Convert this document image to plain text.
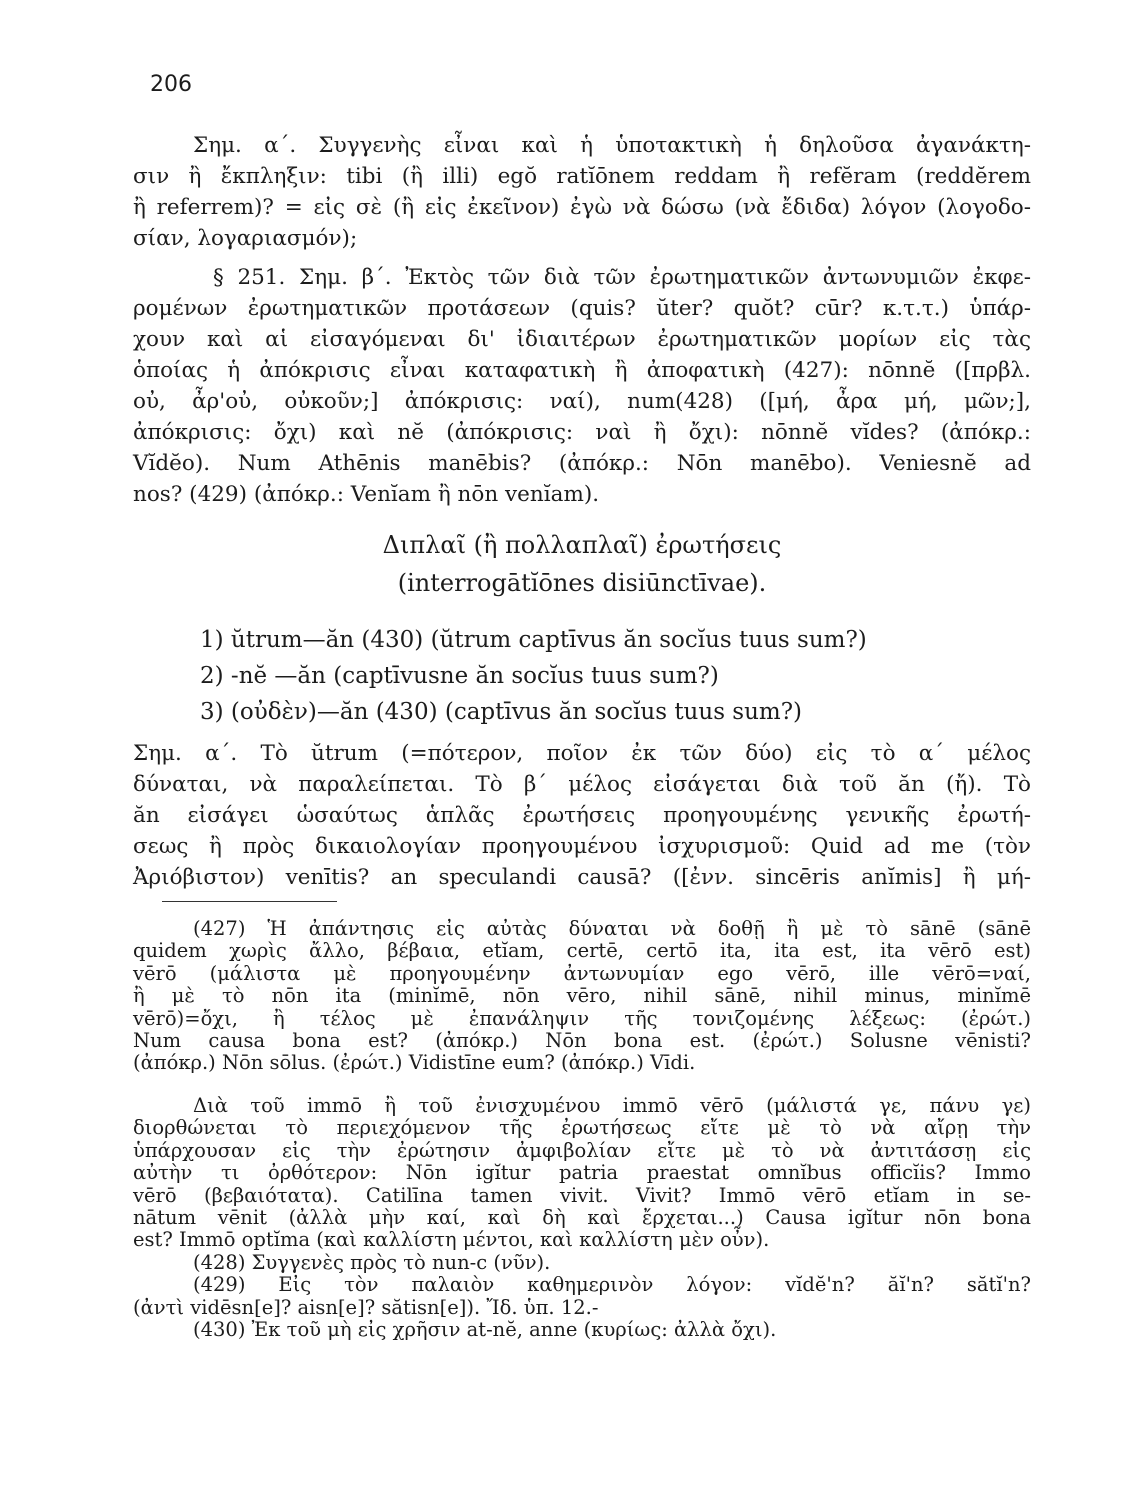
206
Σημ. α΄. Συγγενὴς εἶναι καὶ ἡ ὑποτακτικὴ ἡ δηλοῦσα ἀγανάκτη-
σιν ἢ ἔκπληξιν: tibi (ἢ illi) egŏ ratĭōnem reddam ἢ refĕram (reddĕrem
ἢ referrem)? = εἰς σὲ (ἢ εἰς ἐκεῖνον) ἐγὼ νὰ δώσω (νὰ ἔδιδα) λόγον (λογοδο-
σίαν, λογαριασμόν);
§ 251. Σημ. β΄. Ἐκτὸς τῶν διὰ τῶν ἐρωτηματικῶν ἀντωνυμιῶν ἐκφε-
ρομένων ἐρωτηματικῶν προτάσεων (quis? ŭter? quŏt? cūr? κ.τ.τ.) ὑπάρ-
χουν καὶ αἱ εἰσαγόμεναι δι' ἰδιαιτέρων ἐρωτηματικῶν μορίων εἰς τὰς
ὁποίας ἡ ἀπόκρισις εἶναι καταφατικὴ ἢ ἀποφατικὴ (427): nōnnĕ ([πρβλ.
οὐ, ἆρ'οὐ, οὐκοῦν;] ἀπόκρισις: ναί), num(428) ([μή, ἆρα μή, μῶν;],
ἀπόκρισις: ὄχι) καὶ nĕ (ἀπόκρισις: ναὶ ἢ ὄχι): nōnnĕ vĭdes? (ἀπόκρ.:
Vĭdĕo). Num Athēnis manēbis? (ἀπόκρ.: Nōn manēbo). Veniesnĕ ad
nos? (429) (ἀπόκρ.: Venĭam ἢ nōn venĭam).
Διπλαῖ (ἢ πολλαπλαῖ) ἐρωτήσεις
(interrogātĭōnes disiūnctīvae).
1) ŭtrum—ăn (430) (ŭtrum captīvus ăn socĭus tuus sum?)
2) -nĕ —ăn (captīvusne ăn socĭus tuus sum?)
3) (οὐδὲν)—ăn (430) (captīvus ăn socĭus tuus sum?)
Σημ. α΄. Τὸ ŭtrum (=πότερον, ποῖον ἐκ τῶν δύο) εἰς τὸ α΄ μέλος
δύναται, νὰ παραλείπεται. Τὸ β΄ μέλος εἰσάγεται διὰ τοῦ ăn (ἤ). Τὸ
ăn εἰσάγει ὡσαύτως ἁπλᾶς ἐρωτήσεις προηγουμένης γενικῆς ἐρωτή-
σεως ἢ πρὸς δικαιολογίαν προηγουμένου ἰσχυρισμοῦ: Quid ad me (τὸν
Ἀριόβιστον) venītis? an speculandi causā? ([ἐνν. sincēris anĭmis] ἢ μή-
(427) Ἡ ἀπάντησις εἰς αὐτὰς δύναται νὰ δοθῇ ἢ μὲ τὸ sānē (sānē
quidem χωρὶς ἄλλο, βέβαια, etĭam, certē, certō ita, ita est, ita vērō est)
vērō (μάλιστα μὲ προηγουμένην ἀντωνυμίαν ego vērō, ille vērō=ναί,
ἢ μὲ τὸ nōn ita (minĭmē, nōn vēro, nihil sānē, nihil minus, minĭmē
vērō)=ὄχι, ἢ τέλος μὲ ἐπανάληψιν τῆς τονιζομένης λέξεως: (ἐρώτ.)
Num causa bona est? (ἀπόκρ.) Nōn bona est. (ἐρώτ.) Solusne vēnisti?
(ἀπόκρ.) Nōn sōlus. (ἐρώτ.) Vidistīne eum? (ἀπόκρ.) Vīdi.
Διὰ τοῦ immō ἢ τοῦ ἐνισχυμένου immō vērō (μάλιστά γε, πάνυ γε)
διορθώνεται τὸ περιεχόμενον τῆς ἐρωτήσεως εἴτε μὲ τὸ νὰ αἴρῃ τὴν
ὑπάρχουσαν εἰς τὴν ἐρώτησιν ἀμφιβολίαν εἴτε μὲ τὸ νὰ ἀντιτάσσῃ εἰς
αὐτὴν τι ὀρθότερον: Nōn igĭtur patria praestat omnĭbus officĭis? Immo
vērō (βεβαιότατα). Catilīna tamen vivit. Vivit? Immō vērō etĭam in se-
nātum vēnit (ἀλλὰ μὴν καί, καὶ δὴ καὶ ἔρχεται...) Causa igĭtur nōn bona
est? Immō optĭma (καὶ καλλίστη μέντοι, καὶ καλλίστη μὲν οὖν).
(428) Συγγενὲς πρὸς τὸ nun-c (νῦν).
(429) Εἰς τὸν παλαιὸν καθημερινὸν λόγον: vĭdĕ'n? ăĭ'n? sătĭ'n?
(ἀντὶ vidēsn[e]? aisn[e]? sătisn[e]). Ἴδ. ὑπ. 12.-
(430) Ἐκ τοῦ μὴ εἰς χρῆσιν at-nĕ, anne (κυρίως: ἀλλὰ ὄχι).
